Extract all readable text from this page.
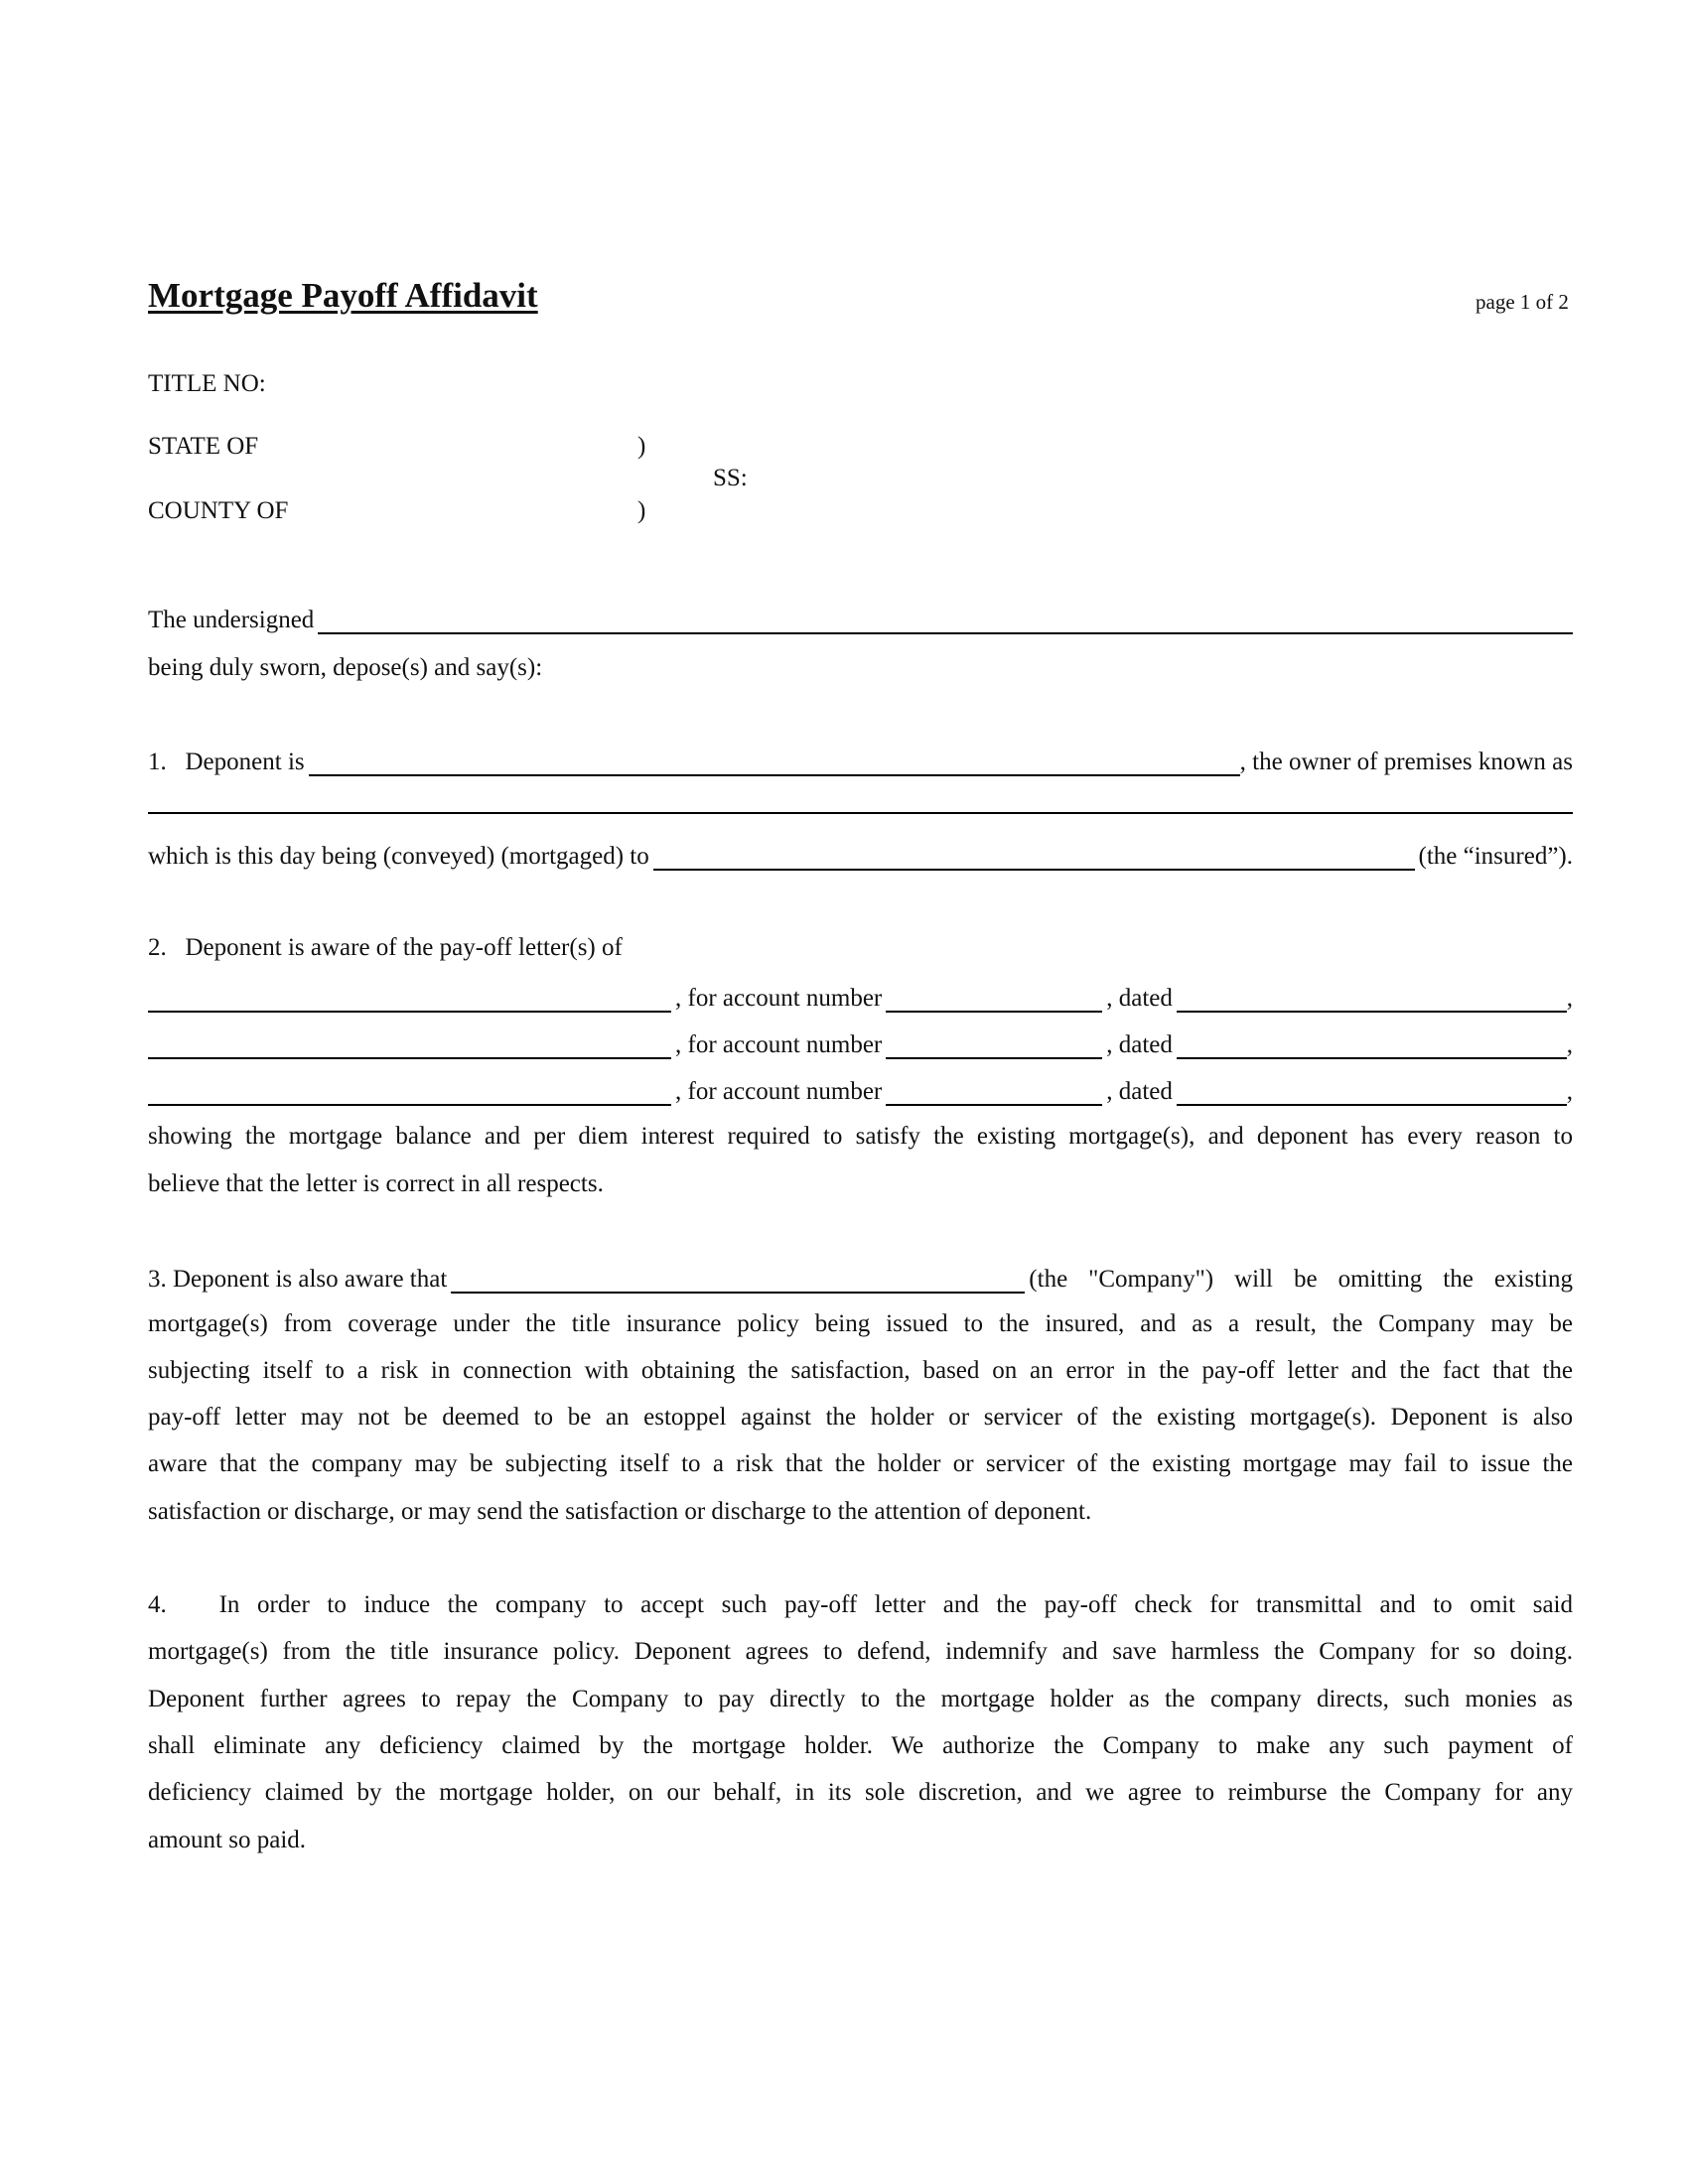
Mortgage Payoff Affidavit	page 1 of 2
TITLE NO:
STATE OF	)
SS:
COUNTY OF	)
The undersigned
being duly sworn, depose(s) and say(s):
1.   Deponent is	, the owner of premises known as
which is this day being (conveyed) (mortgaged) to	(the “insured”).
2.   Deponent is aware of the pay-off letter(s) of
, for account number	, dated	,
, for account number	, dated	,
, for account number	, dated	,
showing the mortgage balance and per diem interest required to satisfy the existing mortgage(s), and deponent has every reason to
believe that the letter is correct in all respects.
3. Deponent is also aware that	(the "Company") will be omitting the existing
mortgage(s) from coverage under the title insurance policy being issued to the insured, and as a result, the Company may be
subjecting itself to a risk in connection with obtaining the satisfaction, based on an error in the pay-off letter and the fact that the
pay-off letter may not be deemed to be an estoppel against the holder or servicer of the existing mortgage(s). Deponent is also
aware that the company may be subjecting itself to a risk that the holder or servicer of the existing mortgage may fail to issue the
satisfaction or discharge, or may send the satisfaction or discharge to the attention of deponent.
4.   In order to induce the company to accept such pay-off letter and the pay-off check for transmittal and to omit said
mortgage(s) from the title insurance policy. Deponent agrees to defend, indemnify and save harmless the Company for so doing.
Deponent further agrees to repay the Company to pay directly to the mortgage holder as the company directs, such monies as
shall eliminate any deficiency claimed by the mortgage holder. We authorize the Company to make any such payment of
deficiency claimed by the mortgage holder, on our behalf, in its sole discretion, and we agree to reimburse the Company for any
amount so paid.
